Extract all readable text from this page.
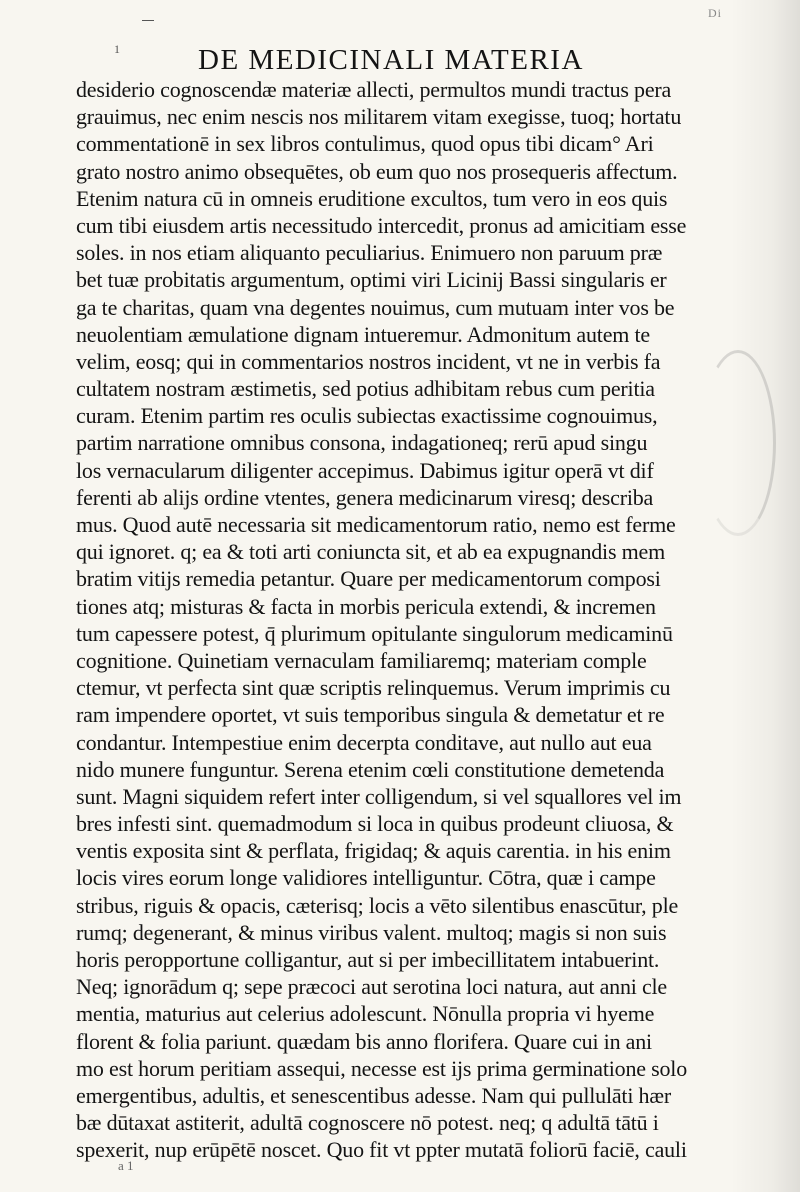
1
Di
DE MEDICINALI MATERIA
desiderio cognoscendæ materiæ allecti, permultos mundi tractus pera
grauimus, nec enim nescis nos militarem vitam exegisse, tuoq; hortatu
commentationē in sex libros contulimus, quod opus tibi dicam° Ari
grato nostro animo obsequētes, ob eum quo nos prosequeris affectum.
Etenim natura cū in omneis eruditione excultos, tum vero in eos quis
cum tibi eiusdem artis necessitudo intercedit, pronus ad amicitiam esse
soles. in nos etiam aliquanto peculiarius. Enimuero non paruum præ
bet tuæ probitatis argumentum, optimi viri Licinij Bassi singularis er
ga te charitas, quam vna degentes nouimus, cum mutuam inter vos be
neuolentiam æmulatione dignam intueremur. Admonitum autem te
velim, eosq; qui in commentarios nostros incident, vt ne in verbis fa
cultatem nostram æstimetis, sed potius adhibitam rebus cum peritia
curam. Etenim partim res oculis subiectas exactissime cognouimus,
partim narratione omnibus consona, indagationeq; rerū apud singu
los vernacularum diligenter accepimus. Dabimus igitur operā vt dif
ferenti ab alijs ordine vtentes, genera medicinarum viresq; describa
mus. Quod autē necessaria sit medicamentorum ratio, nemo est ferme
qui ignoret. q; ea & toti arti coniuncta sit, et ab ea expugnandis mem
bratim vitijs remedia petantur. Quare per medicamentorum composi
tiones atq; misturas & facta in morbis pericula extendi, & incremen
tum capessere potest, q̄ plurimum opitulante singulorum medicaminū
cognitione. Quinetiam vernaculam familiaremq; materiam comple
ctemur, vt perfecta sint quæ scriptis relinquemus. Verum imprimis cu
ram impendere oportet, vt suis temporibus singula & demetatur et re
condantur. Intempestiue enim decerpta conditave, aut nullo aut eua
nido munere funguntur. Serena etenim cœli constitutione demetenda
sunt. Magni siquidem refert inter colligendum, si vel squallores vel im
bres infesti sint. quemadmodum si loca in quibus prodeunt cliuosa, &
ventis exposita sint & perflata, frigidaq; & aquis carentia. in his enim
locis vires eorum longe validiores intelliguntur. Cōtra, quæ i campe
stribus, riguis & opacis, cæterisq; locis a vēto silentibus enascūtur, ple
rumq; degenerant, & minus viribus valent. multoq; magis si non suis
horis peropportune colligantur, aut si per imbecillitatem intabuerint.
Neq; ignorādum q; sepe præcoci aut serotina loci natura, aut anni cle
mentia, maturius aut celerius adolescunt. Nōnulla propria vi hyeme
florent & folia pariunt. quædam bis anno florifera. Quare cui in ani
mo est horum peritiam assequi, necesse est ijs prima germinatione solo
emergentibus, adultis, et senescentibus adesse. Nam qui pullulāti hær
bæ dūtaxat astiterit, adultā cognoscere nō potest. neq; q adultā tātū i
spexerit, nup erūpētē noscet. Quo fit vt ppter mutatā foliorū faciē, cauli
a 1
